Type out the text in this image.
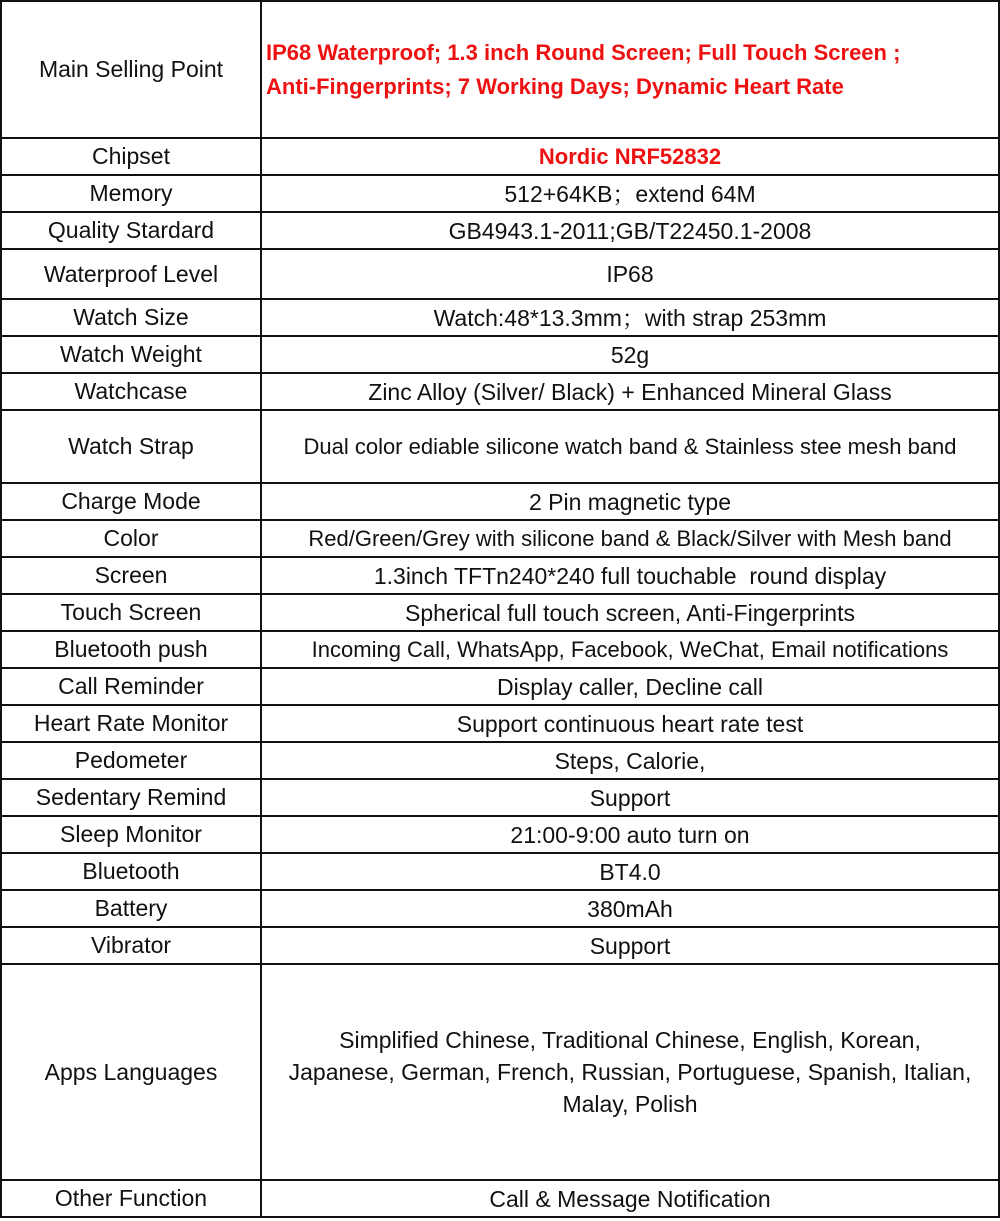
Main Selling Point	IP68 Waterproof; 1.3 inch Round Screen; Full Touch Screen ;
Anti-Fingerprints; 7 Working Days; Dynamic Heart Rate
Chipset	Nordic NRF52832
Memory	512+64KB；extend 64M
Quality Stardard	GB4943.1-2011;GB/T22450.1-2008
Waterproof Level	IP68
Watch Size	Watch:48*13.3mm；with strap 253mm
Watch Weight	52g
Watchcase	Zinc Alloy (Silver/ Black) + Enhanced Mineral Glass
Watch Strap	Dual color ediable silicone watch band & Stainless stee mesh band
Charge Mode	2 Pin magnetic type
Color	Red/Green/Grey with silicone band & Black/Silver with Mesh band
Screen	1.3inch TFTn240*240 full touchable  round display
Touch Screen	Spherical full touch screen, Anti-Fingerprints
Bluetooth push	Incoming Call, WhatsApp, Facebook, WeChat, Email notifications
Call Reminder	Display caller, Decline call
Heart Rate Monitor	Support continuous heart rate test
Pedometer	Steps, Calorie,
Sedentary Remind	Support
Sleep Monitor	21:00-9:00 auto turn on
Bluetooth	BT4.0
Battery	380mAh
Vibrator	Support
Apps Languages	Simplified Chinese, Traditional Chinese, English, Korean,
Japanese, German, French, Russian, Portuguese, Spanish, Italian,
Malay, Polish
Other Function	Call & Message Notification
